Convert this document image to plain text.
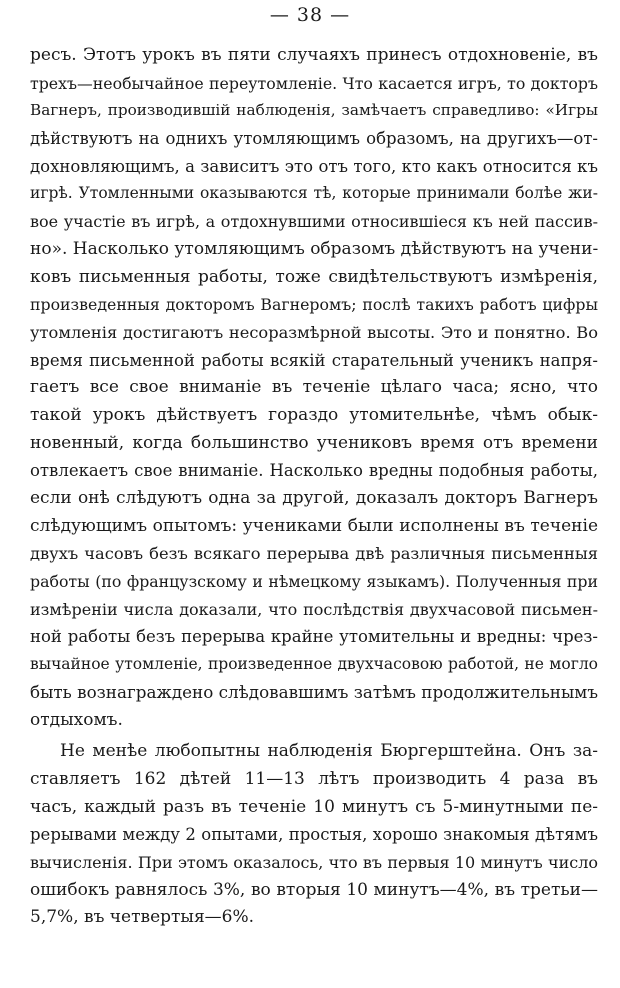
— 38 —
ресъ. Этотъ урокъ въ пяти случаяхъ принесъ отдохновеніе, въ
трехъ—необычайное переутомленіе. Что касается игръ, то докторъ
Вагнеръ, производившій наблюденія, замѣчаетъ справедливо: «Игры
дѣйствуютъ на однихъ утомляющимъ образомъ, на другихъ—от-
дохновляющимъ, а зависитъ это отъ того, кто какъ относится къ
игрѣ. Утомленными оказываются тѣ, которые принимали болѣе жи-
вое участіе въ игрѣ, а отдохнувшими относившіеся къ ней пассив-
но». Насколько утомляющимъ образомъ дѣйствуютъ на учени-
ковъ письменныя работы, тоже свидѣтельствуютъ измѣренія,
произведенныя докторомъ Вагнеромъ; послѣ такихъ работъ цифры
утомленія достигаютъ несоразмѣрной высоты. Это и понятно. Во
время письменной работы всякій старательный ученикъ напря-
гаетъ все свое вниманіе въ теченіе цѣлаго часа; ясно, что
такой урокъ дѣйствуетъ гораздо утомительнѣе, чѣмъ обык-
новенный, когда большинство учениковъ время отъ времени
отвлекаетъ свое вниманіе. Насколько вредны подобныя работы,
если онѣ слѣдуютъ одна за другой, доказалъ докторъ Вагнеръ
слѣдующимъ опытомъ: учениками были исполнены въ теченіе
двухъ часовъ безъ всякаго перерыва двѣ различныя письменныя
работы (по французскому и нѣмецкому языкамъ). Полученныя при
измѣреніи числа доказали, что послѣдствія двухчасовой письмен-
ной работы безъ перерыва крайне утомительны и вредны: чрез-
вычайное утомленіе, произведенное двухчасовою работой, не могло
быть вознаграждено слѣдовавшимъ затѣмъ продолжительнымъ
отдыхомъ.
Не менѣе любопытны наблюденія Бюргерштейна. Онъ за-
ставляетъ 162 дѣтей 11—13 лѣтъ производить 4 раза въ
часъ, каждый разъ въ теченіе 10 минутъ съ 5-минутными пе-
рерывами между 2 опытами, простыя, хорошо знакомыя дѣтямъ
вычисленія. При этомъ оказалось, что въ первыя 10 минутъ число
ошибокъ равнялось 3%, во вторыя 10 минутъ—4%, въ третьи—
5,7%, въ четвертыя—6%.
